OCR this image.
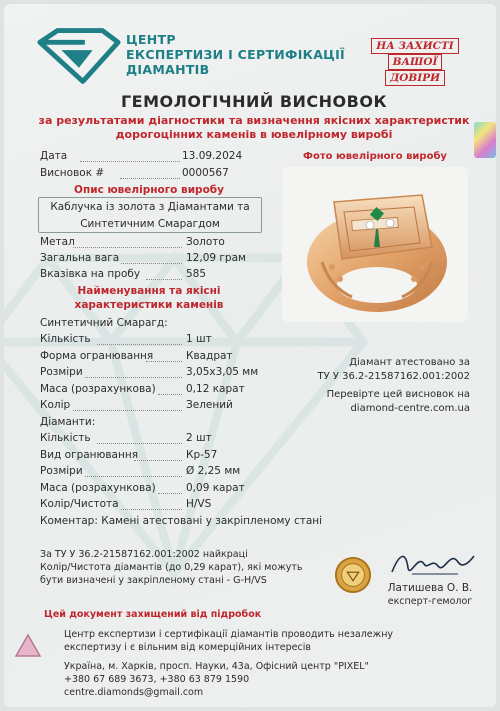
ЦЕНТР
ЕКСПЕРТИЗИ І СЕРТИФІКАЦІЇ
ДІАМАНТІВ
НА ЗАХИСТІ
ВАШОЇ
ДОВІРИ
ГЕМОЛОГІЧНИЙ ВИСНОВОК
за результатами діагностики та визначення якісних характеристик
дорогоцінних каменів в ювелірному виробі
Дата	13.09.2024
Висновок #	0000567
Опис ювелірного виробу
Каблучка із золота з Діамантами та
Синтетичним Смарагдом
Метал	Золото
Загальна вага	12,09 грам
Вказівка на пробу	585
Найменування та якісні
характеристики каменів
Синтетичний Смарагд:
Кількість	1 шт
Форма огранювання	Квадрат
Розміри	3,05х3,05 мм
Маса (розрахункова)	0,12 карат
Колір	Зелений
Діаманти:
Кількість	2 шт
Вид огранювання	Кр-57
Розміри	Ø 2,25 мм
Маса (розрахункова)	0,09 карат
Колір/Чистота	H/VS
Коментар: Камені атестовані у закріпленому стані
Фото ювелірного виробу
Діамант атестовано за
ТУ У 36.2-21587162.001:2002
Перевірте цей висновок на
diamond-centre.com.ua
За ТУ У 36.2-21587162.001:2002 найкраці
Колір/Чистота діамантів (до 0,29 карат), які можуть
бути визначені у закріпленому стані - G-H/VS
Латишева О. В.
експерт-гемолог
Цей документ захищений від підробок
Центр експертизи і сертифікації діамантів проводить незалежну
експертизу і є вільним від комерційних інтересів
Україна, м. Харків, просп. Науки, 43а, Офісний центр "PIXEL"
+380 67 689 3673, +380 63 879 1590
centre.diamonds@gmail.com
